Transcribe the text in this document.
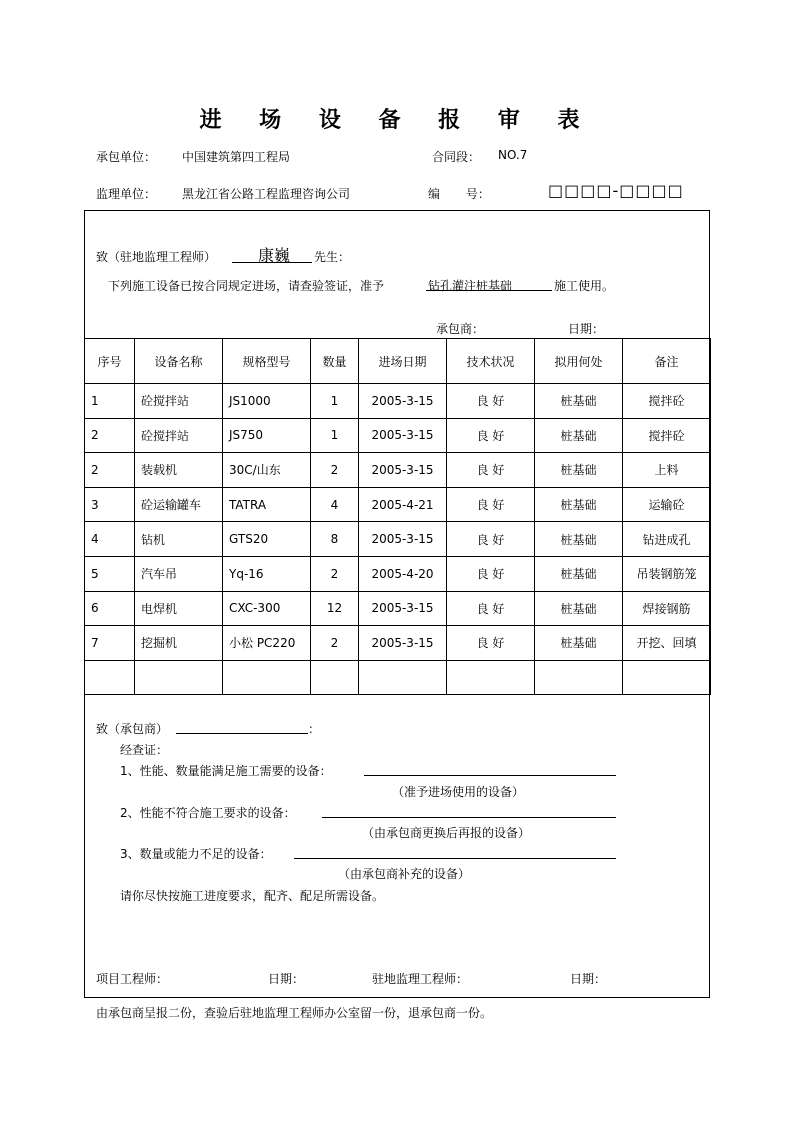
进 场 设 备 报 审 表
承包单位： 中国建筑第四工程局	合同段： NO.7
监理单位： 黑龙江省公路工程监理咨询公司	编 号：	□□□□-□□□□
致（驻地监理工程师）	康巍 先生：
下列施工设备已按合同规定进场，请查验签证，准予	钻孔灌注桩基础	施工使用。
承包商：	日期：
序号	设备名称	规格型号	数量	进场日期	技术状况	拟用何处	备注
1	砼搅拌站	JS1000	1	2005-3-15	良 好	桩基础	搅拌砼
2	砼搅拌站	JS750	1	2005-3-15	良 好	桩基础	搅拌砼
2	装载机	30C/山东	2	2005-3-15	良 好	桩基础	上料
3	砼运输罐车	TATRA	4	2005-4-21	良 好	桩基础	运输砼
4	钻机	GTS20	8	2005-3-15	良 好	桩基础	钻进成孔
5	汽车吊	Yq-16	2	2005-4-20	良 好	桩基础	吊装钢筋笼
6	电焊机	CXC-300	12	2005-3-15	良 好	桩基础	焊接钢筋
7	挖掘机	小松 PC220	2	2005-3-15	良 好	桩基础	开挖、回填

致（承包商）	：
经查证：
1、性能、数量能满足施工需要的设备：
（准予进场使用的设备）
2、性能不符合施工要求的设备：
（由承包商更换后再报的设备）
3、数量或能力不足的设备：
（由承包商补充的设备）
请你尽快按施工进度要求，配齐、配足所需设备。
项目工程师：	日期：	驻地监理工程师：	日期：
由承包商呈报二份，查验后驻地监理工程师办公室留一份，退承包商一份。
